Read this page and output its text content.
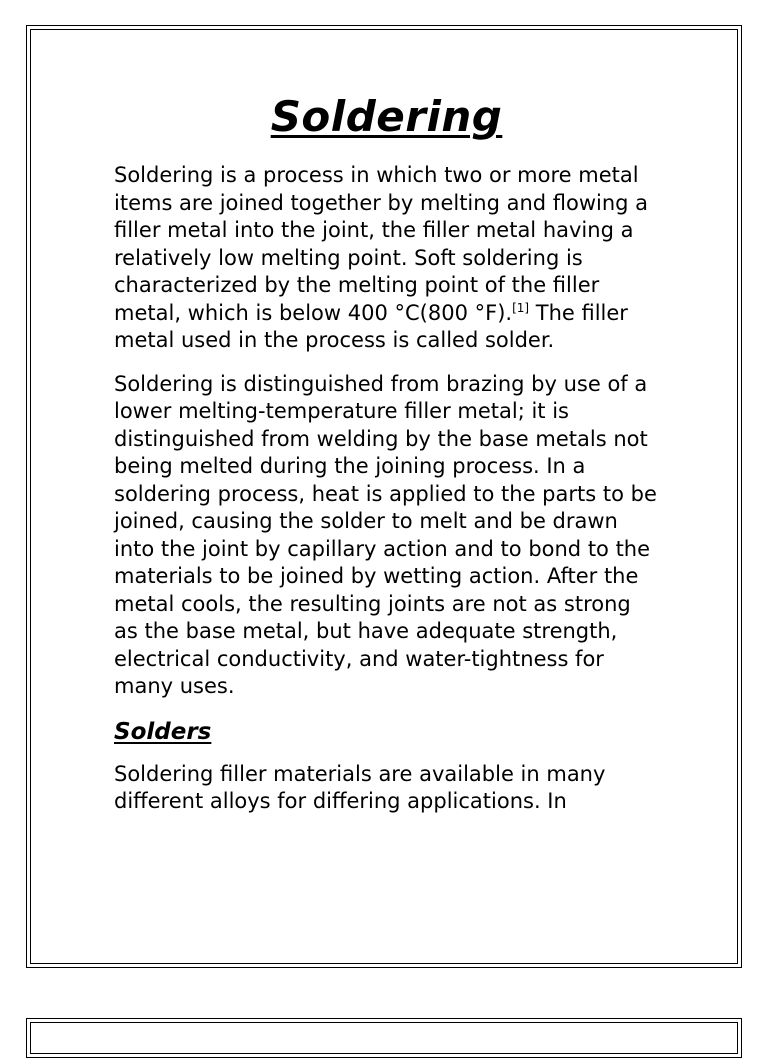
Soldering

Soldering is a process in which two or more metal items are joined together by melting and flowing a filler metal into the joint, the filler metal having a relatively low melting point. Soft soldering is characterized by the melting point of the filler metal, which is below 400 °C(800 °F).[1] The filler metal used in the process is called solder.

Soldering is distinguished from brazing by use of a lower melting-temperature filler metal; it is distinguished from welding by the base metals not being melted during the joining process. In a soldering process, heat is applied to the parts to be joined, causing the solder to melt and be drawn into the joint by capillary action and to bond to the materials to be joined by wetting action. After the metal cools, the resulting joints are not as strong as the base metal, but have adequate strength, electrical conductivity, and water-tightness for many uses.

Solders

Soldering filler materials are available in many different alloys for differing applications. In
